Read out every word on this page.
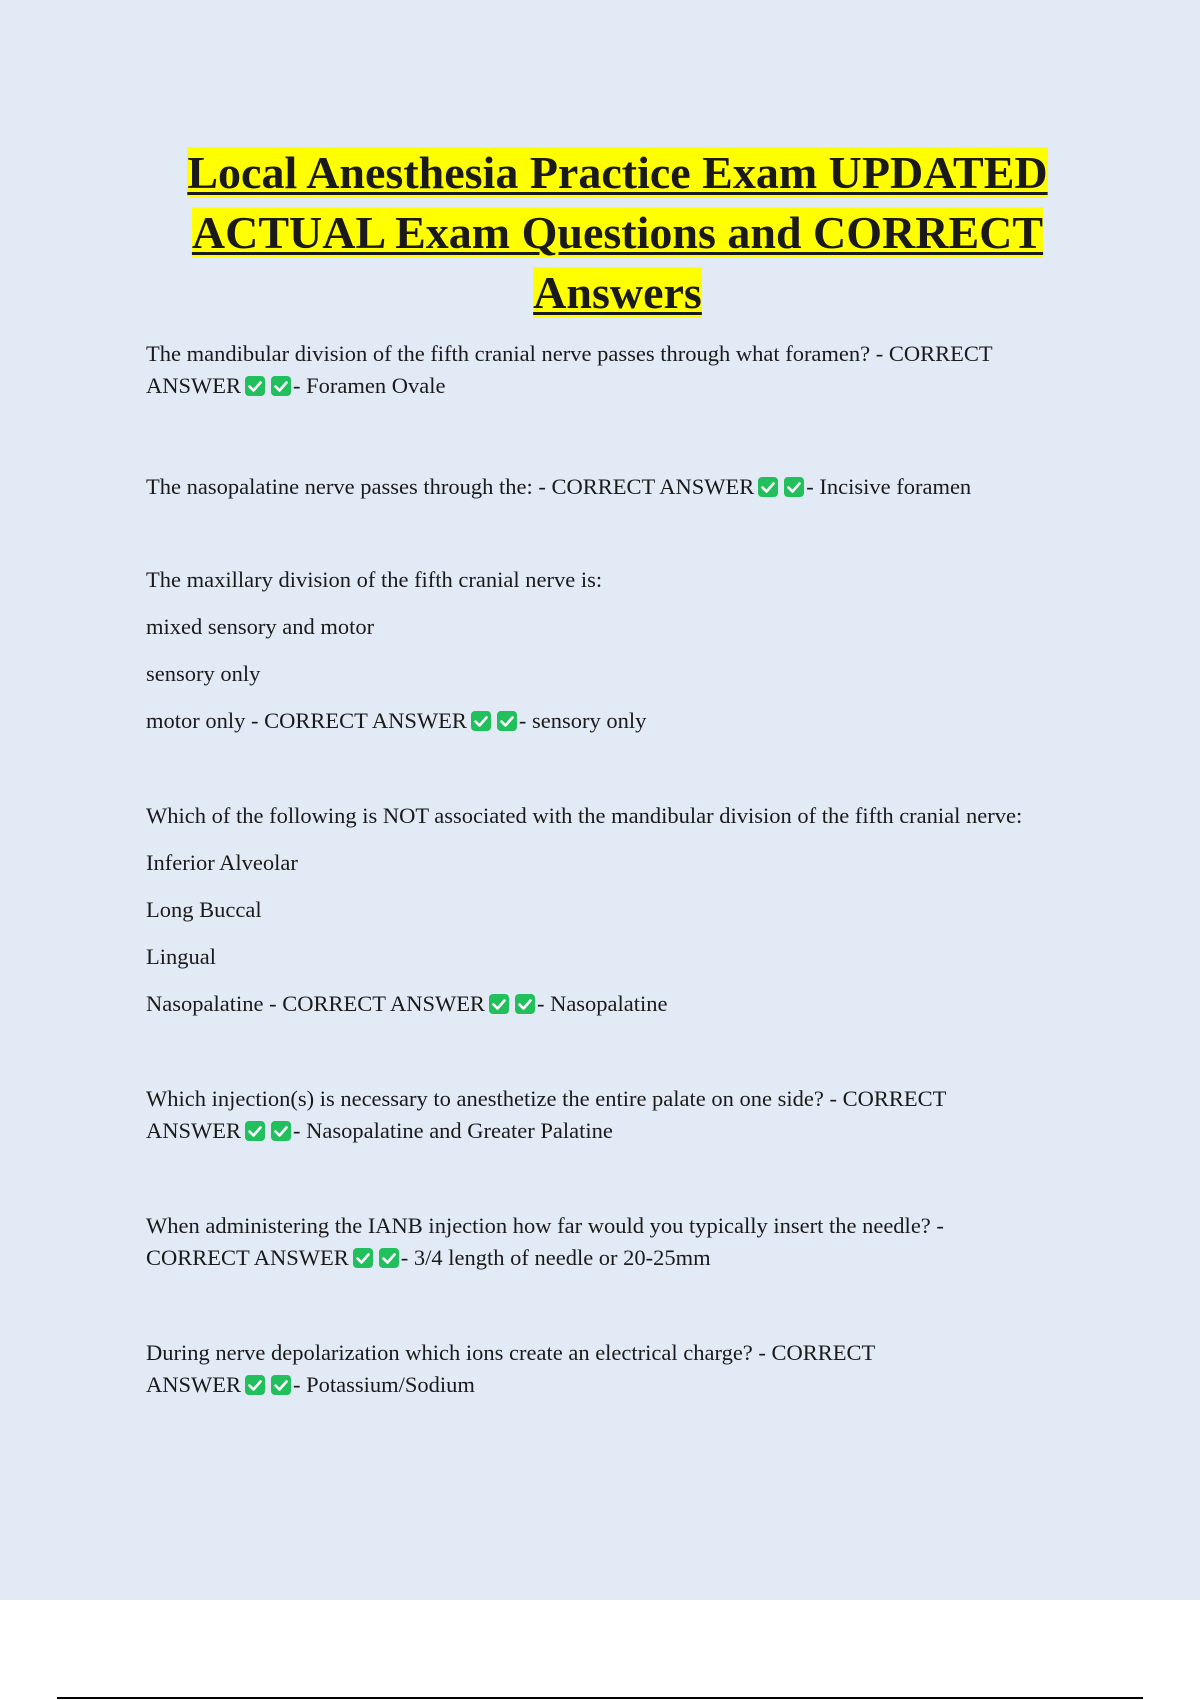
Local Anesthesia Practice Exam UPDATED ACTUAL Exam Questions and CORRECT Answers

The mandibular division of the fifth cranial nerve passes through what foramen? - CORRECT

ANSWER - Foramen Ovale

The nasopalatine nerve passes through the: - CORRECT ANSWER - Incisive foramen

The maxillary division of the fifth cranial nerve is:

mixed sensory and motor

sensory only

motor only - CORRECT ANSWER - sensory only

Which of the following is NOT associated with the mandibular division of the fifth cranial nerve:

Inferior Alveolar

Long Buccal

Lingual

Nasopalatine - CORRECT ANSWER - Nasopalatine

Which injection(s) is necessary to anesthetize the entire palate on one side? - CORRECT

ANSWER - Nasopalatine and Greater Palatine

When administering the IANB injection how far would you typically insert the needle? -

CORRECT ANSWER - 3/4 length of needle or 20-25mm

During nerve depolarization which ions create an electrical charge? - CORRECT

ANSWER - Potassium/Sodium
